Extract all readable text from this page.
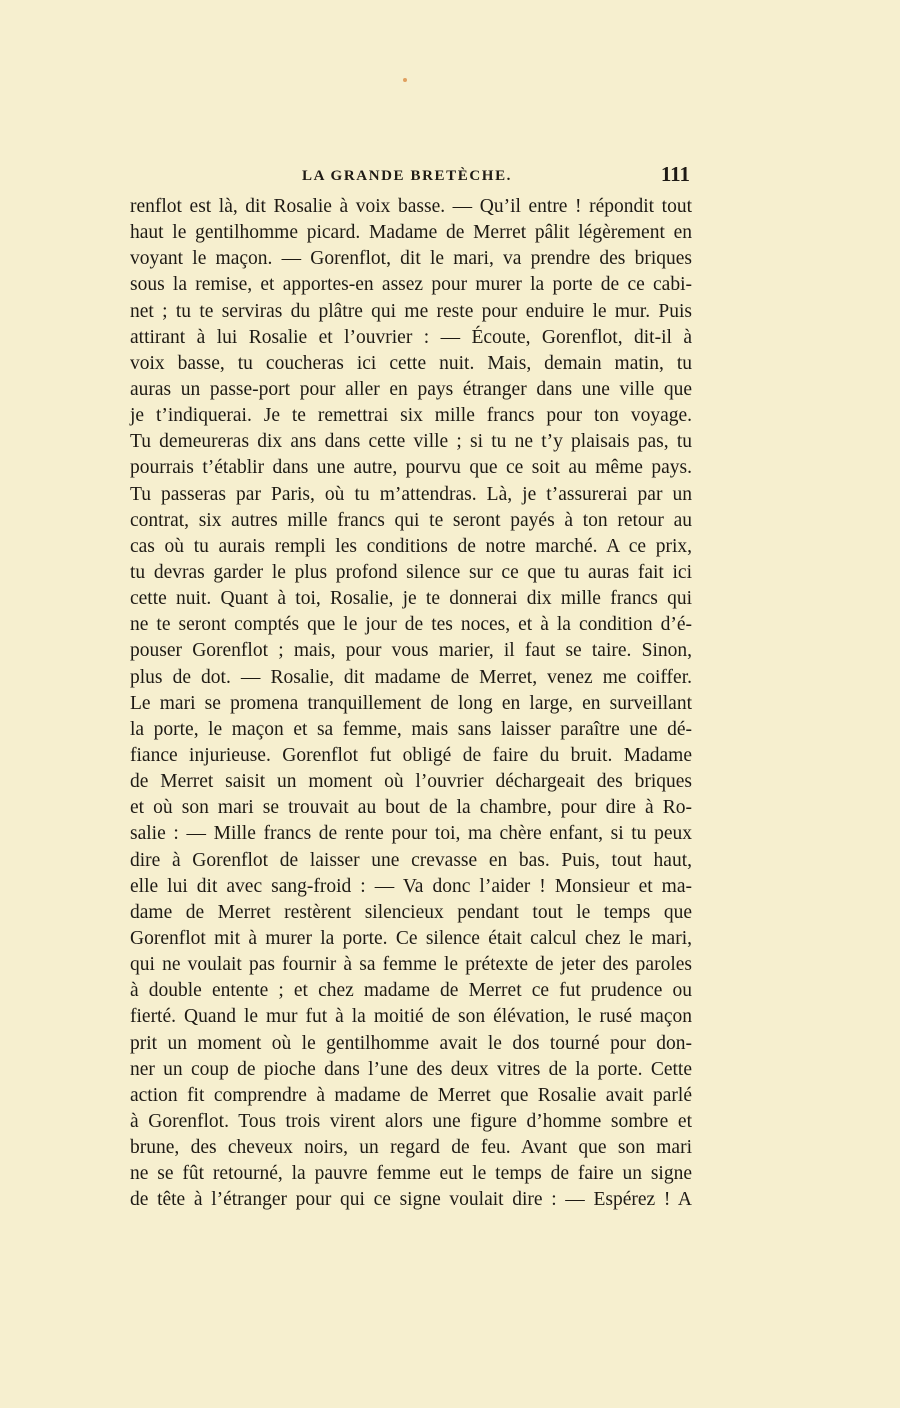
LA GRANDE BRETÈCHE.	111
renflot est là, dit Rosalie à voix basse. — Qu’il entre ! répondit tout
haut le gentilhomme picard. Madame de Merret pâlit légèrement en
voyant le maçon. — Gorenflot, dit le mari, va prendre des briques
sous la remise, et apportes-en assez pour murer la porte de ce cabi-
net ; tu te serviras du plâtre qui me reste pour enduire le mur. Puis
attirant à lui Rosalie et l’ouvrier : — Écoute, Gorenflot, dit-il à
voix basse, tu coucheras ici cette nuit. Mais, demain matin, tu
auras un passe-port pour aller en pays étranger dans une ville que
je t’indiquerai. Je te remettrai six mille francs pour ton voyage.
Tu demeureras dix ans dans cette ville ; si tu ne t’y plaisais pas, tu
pourrais t’établir dans une autre, pourvu que ce soit au même pays.
Tu passeras par Paris, où tu m’attendras. Là, je t’assurerai par un
contrat, six autres mille francs qui te seront payés à ton retour au
cas où tu aurais rempli les conditions de notre marché. A ce prix,
tu devras garder le plus profond silence sur ce que tu auras fait ici
cette nuit. Quant à toi, Rosalie, je te donnerai dix mille francs qui
ne te seront comptés que le jour de tes noces, et à la condition d’é-
pouser Gorenflot ; mais, pour vous marier, il faut se taire. Sinon,
plus de dot. — Rosalie, dit madame de Merret, venez me coiffer.
Le mari se promena tranquillement de long en large, en surveillant
la porte, le maçon et sa femme, mais sans laisser paraître une dé-
fiance injurieuse. Gorenflot fut obligé de faire du bruit. Madame
de Merret saisit un moment où l’ouvrier déchargeait des briques
et où son mari se trouvait au bout de la chambre, pour dire à Ro-
salie : — Mille francs de rente pour toi, ma chère enfant, si tu peux
dire à Gorenflot de laisser une crevasse en bas. Puis, tout haut,
elle lui dit avec sang-froid : — Va donc l’aider ! Monsieur et ma-
dame de Merret restèrent silencieux pendant tout le temps que
Gorenflot mit à murer la porte. Ce silence était calcul chez le mari,
qui ne voulait pas fournir à sa femme le prétexte de jeter des paroles
à double entente ; et chez madame de Merret ce fut prudence ou
fierté. Quand le mur fut à la moitié de son élévation, le rusé maçon
prit un moment où le gentilhomme avait le dos tourné pour don-
ner un coup de pioche dans l’une des deux vitres de la porte. Cette
action fit comprendre à madame de Merret que Rosalie avait parlé
à Gorenflot. Tous trois virent alors une figure d’homme sombre et
brune, des cheveux noirs, un regard de feu. Avant que son mari
ne se fût retourné, la pauvre femme eut le temps de faire un signe
de tête à l’étranger pour qui ce signe voulait dire : — Espérez ! A
